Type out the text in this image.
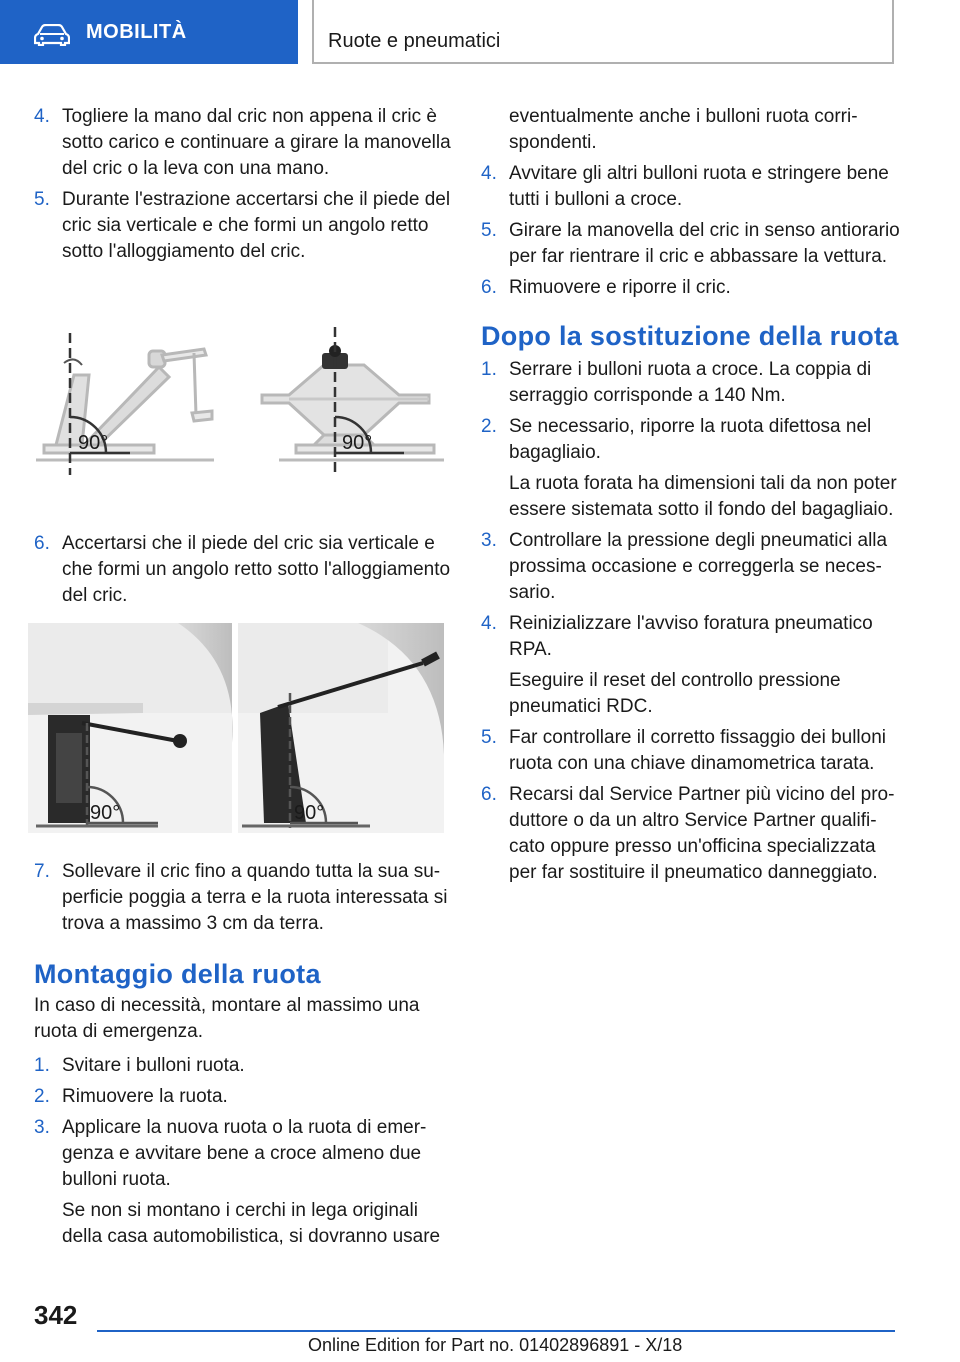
MOBILITÀ	Ruote e pneumatici
4. Togliere la mano dal cric non appena il cric è sotto carico e continuare a girare la manovella del cric o la leva con una mano.
5. Durante l'estrazione accertarsi che il piede del cric sia verticale e che formi un angolo retto sotto l'alloggiamento del cric.
90°	90°
6. Accertarsi che il piede del cric sia verticale e che formi un angolo retto sotto l'alloggiamento del cric.
90°	90°
7. Sollevare il cric fino a quando tutta la sua superficie poggia a terra e la ruota interessata si trova a massimo 3 cm da terra.
Montaggio della ruota

In caso di necessità, montare al massimo una ruota di emergenza.

1. Svitare i bulloni ruota.
2. Rimuovere la ruota.
3. Applicare la nuova ruota o la ruota di emergenza e avvitare bene a croce almeno due bulloni ruota.

Se non si montano i cerchi in lega originali della casa automobilistica, si dovranno usare

eventualmente anche i bulloni ruota corrispondenti.

4. Avvitare gli altri bulloni ruota e stringere bene tutti i bulloni a croce.
5. Girare la manovella del cric in senso antiorario per far rientrare il cric e abbassare la vettura.
6. Rimuovere e riporre il cric.
Dopo la sostituzione della ruota
1. Serrare i bulloni ruota a croce. La coppia di serraggio corrisponde a 140 Nm.
2. Se necessario, riporre la ruota difettosa nel bagagliaio.

La ruota forata ha dimensioni tali da non poter essere sistemata sotto il fondo del bagagliaio.

3. Controllare la pressione degli pneumatici alla prossima occasione e correggerla se necessario.
4. Reinizializzare l'avviso foratura pneumatico RPA.

Eseguire il reset del controllo pressione pneumatici RDC.

5. Far controllare il corretto fissaggio dei bulloni ruota con una chiave dinamometrica tarata.
6. Recarsi dal Service Partner più vicino del produttore o da un altro Service Partner qualificato oppure presso un'officina specializzata per far sostituire il pneumatico danneggiato.
342
Online Edition for Part no. 01402896891 - X/18
